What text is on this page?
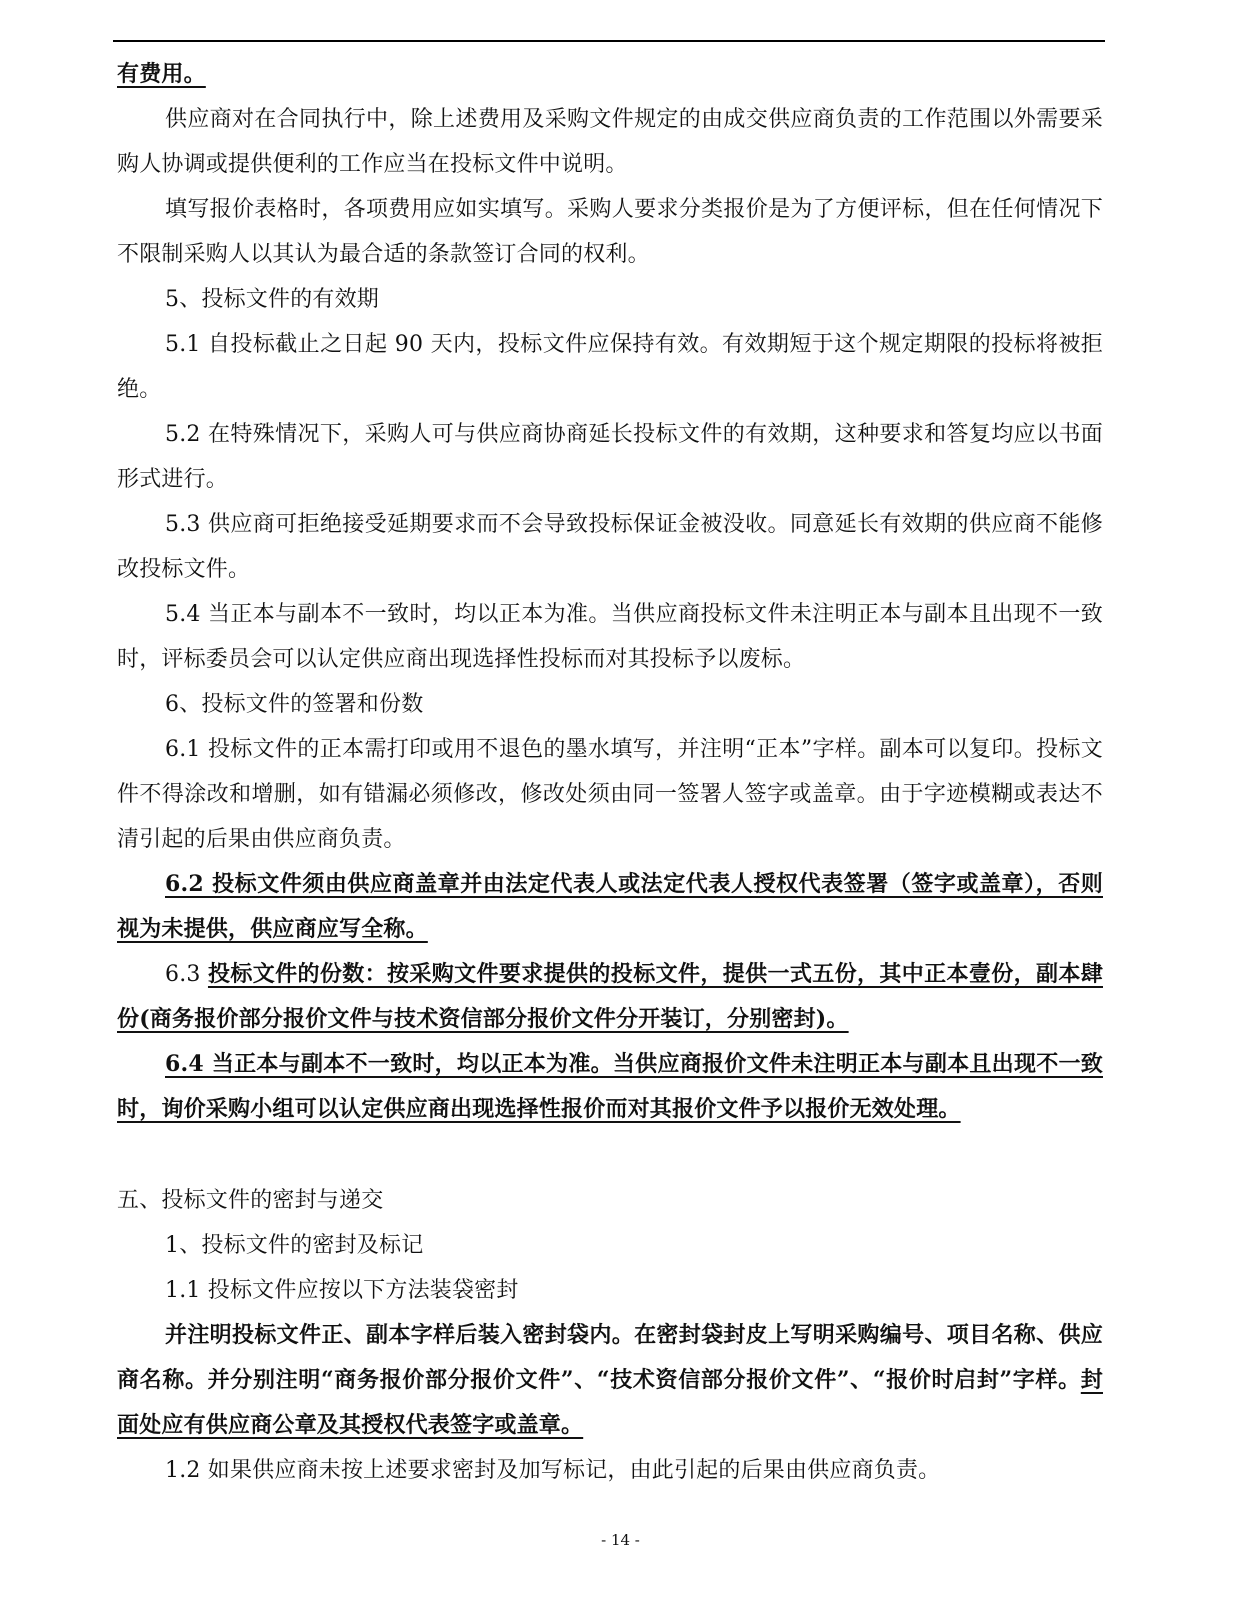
有费用。

供应商对在合同执行中，除上述费用及采购文件规定的由成交供应商负责的工作范围以外需要采购人协调或提供便利的工作应当在投标文件中说明。

填写报价表格时，各项费用应如实填写。采购人要求分类报价是为了方便评标，但在任何情况下不限制采购人以其认为最合适的条款签订合同的权利。

5、投标文件的有效期

5.1 自投标截止之日起 90 天内，投标文件应保持有效。有效期短于这个规定期限的投标将被拒绝。

5.2 在特殊情况下，采购人可与供应商协商延长投标文件的有效期，这种要求和答复均应以书面形式进行。

5.3 供应商可拒绝接受延期要求而不会导致投标保证金被没收。同意延长有效期的供应商不能修改投标文件。

5.4 当正本与副本不一致时，均以正本为准。当供应商投标文件未注明正本与副本且出现不一致时，评标委员会可以认定供应商出现选择性投标而对其投标予以废标。

6、投标文件的签署和份数

6.1 投标文件的正本需打印或用不退色的墨水填写，并注明“正本”字样。副本可以复印。投标文件不得涂改和增删，如有错漏必须修改，修改处须由同一签署人签字或盖章。由于字迹模糊或表达不清引起的后果由供应商负责。

6.2 投标文件须由供应商盖章并由法定代表人或法定代表人授权代表签署（签字或盖章），否则视为未提供，供应商应写全称。

6.3 投标文件的份数：按采购文件要求提供的投标文件，提供一式五份，其中正本壹份，副本肆份(商务报价部分报价文件与技术资信部分报价文件分开装订，分别密封)。

6.4 当正本与副本不一致时，均以正本为准。当供应商报价文件未注明正本与副本且出现不一致时，询价采购小组可以认定供应商出现选择性报价而对其报价文件予以报价无效处理。

五、投标文件的密封与递交

1、投标文件的密封及标记

1.1 投标文件应按以下方法装袋密封

并注明投标文件正、副本字样后装入密封袋内。在密封袋封皮上写明采购编号、项目名称、供应商名称。并分别注明“商务报价部分报价文件”、“技术资信部分报价文件”、“报价时启封”字样。封面处应有供应商公章及其授权代表签字或盖章。

1.2 如果供应商未按上述要求密封及加写标记，由此引起的后果由供应商负责。

- 14 -
